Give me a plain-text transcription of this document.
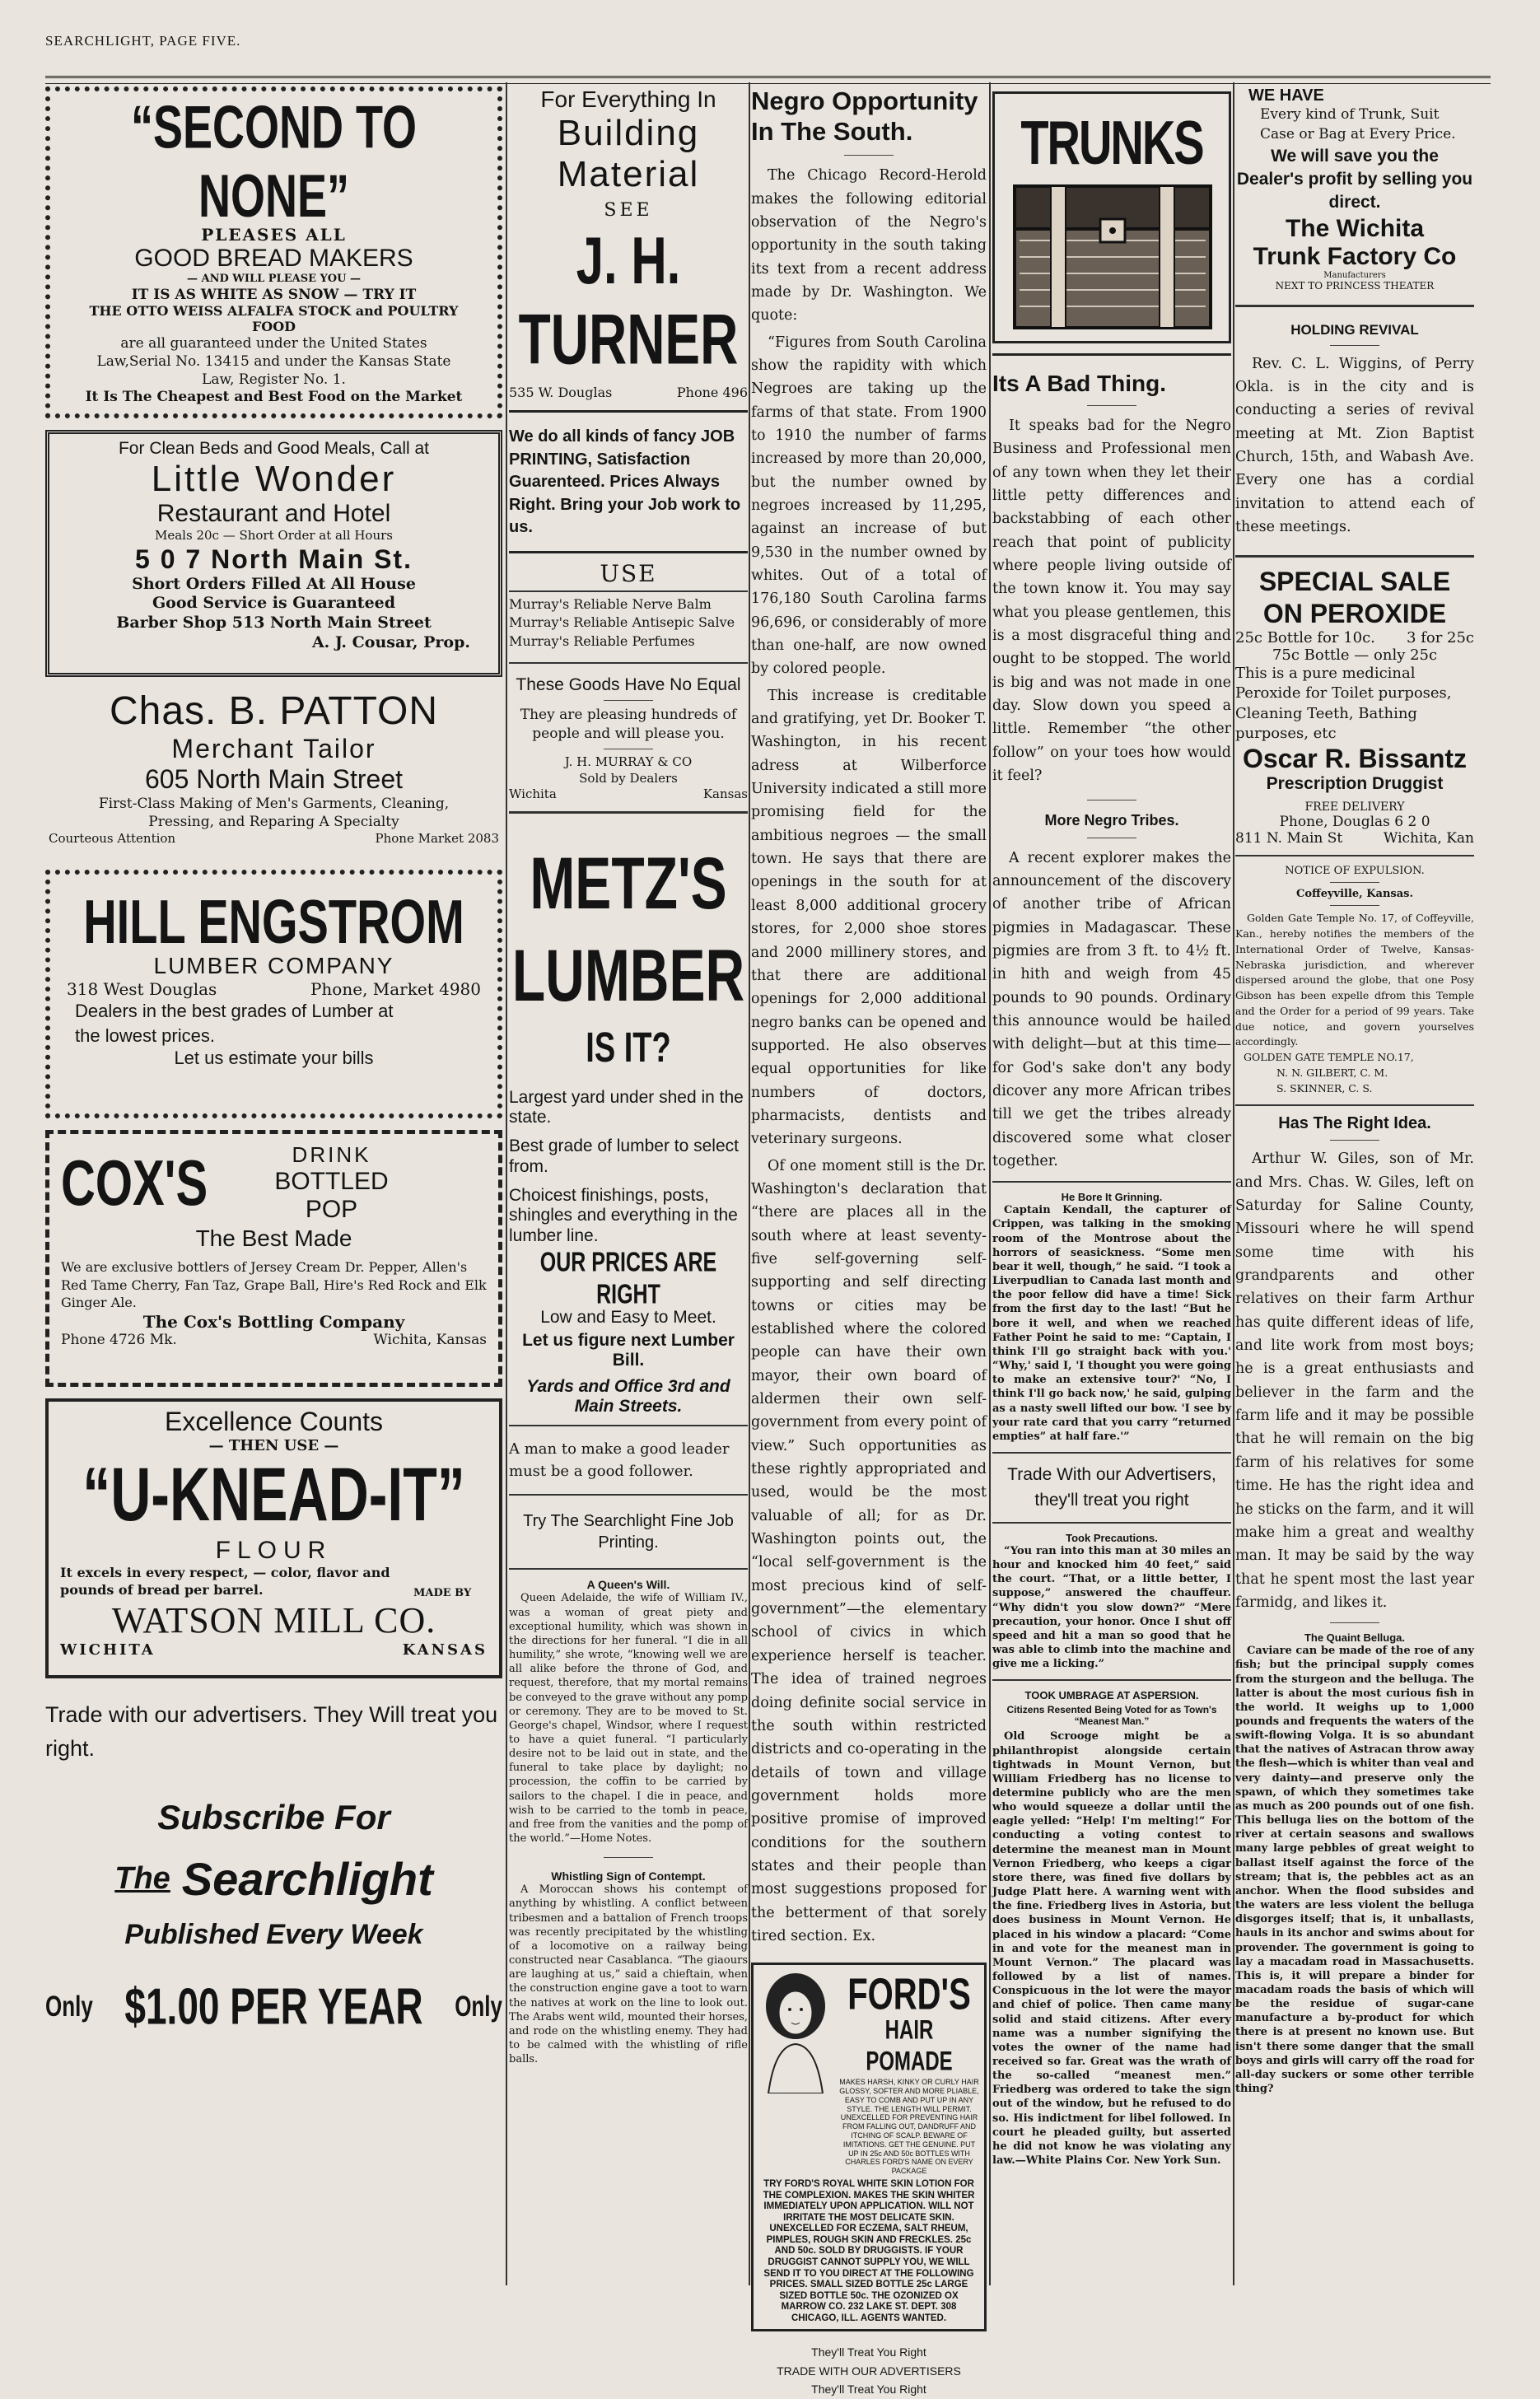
SEARCHLIGHT, PAGE FIVE.
“SECOND TO NONE”
PLEASES ALL
GOOD BREAD MAKERS
— AND WILL PLEASE YOU —
IT IS AS WHITE AS SNOW — TRY IT
THE OTTO WEISS ALFALFA STOCK and POULTRY FOOD
are all guaranteed under the United States Law,Serial No. 13415 and under the Kansas State Law, Register No. 1.
It Is The Cheapest and Best Food on the Market
For Clean Beds and Good Meals, Call at
Little Wonder
Restaurant and Hotel
Meals 20c — Short Order at all Hours
5 0 7 North Main St.
Short Orders Filled At All House
Good Service is Guaranteed
Barber Shop 513 North Main Street
A. J. Cousar, Prop.
Chas. B. PATTON
Merchant Tailor
605 North Main Street
First-Class Making of Men's Garments, Cleaning, Pressing, and Reparing A Specialty
Courteous Attention	Phone Market 2083
HILL ENGSTROM
LUMBER COMPANY
318 West Douglas	Phone, Market 4980
Dealers in the best grades of Lumber at the lowest prices.
Let us estimate your bills
COX'S	DRINK
BOTTLED
POP
The Best Made
We are exclusive bottlers of Jersey Cream Dr. Pepper, Allen's Red Tame Cherry, Fan Taz, Grape Ball, Hire's Red Rock and Elk Ginger Ale.
The Cox's Bottling Company
Phone 4726 Mk.	Wichita, Kansas
Excellence Counts
— THEN USE —
“U-KNEAD-IT”
FLOUR
It excels in every respect, — color, flavor and pounds of bread per barrel.	MADE BY
WATSON MILL CO.
WICHITA	KANSAS
Trade with our advertisers. They Will treat you right.
Subscribe For
The Searchlight
Published Every Week
Only $1.00 PER YEAR Only
For Everything In
Building
Material
SEE
J. H. TURNER
535 W. Douglas	Phone 496
We do all kinds of fancy JOB PRINTING, Satisfaction Guarenteed. Prices Always Right. Bring your Job work to us.
USE
Murray's Reliable Nerve Balm
Murray's Reliable Antisepic Salve
Murray's Reliable Perfumes
These Goods Have No Equal
They are pleasing hundreds of people and will please you.
J. H. MURRAY & CO
Sold by Dealers
Wichita	Kansas
METZ'S LUMBER IS IT?
Largest yard under shed in the state.
Best grade of lumber to select from.
Choicest finishings, posts, shingles and everything in the lumber line.
OUR PRICES ARE RIGHT
Low and Easy to Meet.
Let us figure next Lumber Bill.
Yards and Office 3rd and Main Streets.
A man to make a good leader must be a good follower.
Try The Searchlight Fine Job Printing.
A Queen's Will.
Queen Adelaide, the wife of William IV., was a woman of great piety and exceptional humility, which was shown in the directions for her funeral. “I die in all humility,” she wrote, “knowing well we are all alike before the throne of God, and request, therefore, that my mortal remains be conveyed to the grave without any pomp or ceremony. They are to be moved to St. George's chapel, Windsor, where I request to have a quiet funeral. “I particularly desire not to be laid out in state, and the funeral to take place by daylight; no procession, the coffin to be carried by sailors to the chapel. I die in peace, and wish to be carried to the tomb in peace, and free from the vanities and the pomp of the world.”—Home Notes.
Whistling Sign of Contempt.
A Moroccan shows his contempt of anything by whistling. A conflict between tribesmen and a battalion of French troops was recently precipitated by the whistling of a locomotive on a railway being constructed near Casablanca. “The giaours are laughing at us,” said a chieftain, when the construction engine gave a toot to warn the natives at work on the line to look out. The Arabs went wild, mounted their horses, and rode on the whistling enemy. They had to be calmed with the whistling of rifle balls.
Negro Opportunity In The South.

The Chicago Record-Herold makes the following editorial observation of the Negro's opportunity in the south taking its text from a recent address made by Dr. Washington. We quote:

“Figures from South Carolina show the rapidity with which Negroes are taking up the farms of that state. From 1900 to 1910 the number of farms increased by more than 20,000, but the number owned by negroes increased by 11,295, against an increase of but 9,530 in the number owned by whites. Out of a total of 176,180 South Carolina farms 96,696, or considerably of more than one-half, are now owned by colored people.

This increase is creditable and gratifying, yet Dr. Booker T. Washington, in his recent adress at Wilberforce University indicated a still more promising field for the ambitious negroes — the small town. He says that there are openings in the south for at least 8,000 additional grocery stores, for 2,000 shoe stores and 2000 millinery stores, and that there are additional openings for 2,000 additional negro banks can be opened and supported. He also observes equal opportunities for like numbers of doctors, pharmacists, dentists and veterinary surgeons.

Of one moment still is the Dr. Washington's declaration that “there are places all in the south where at least seventy-five self-governing self-supporting and self directing towns or cities may be established where the colored people can have their own mayor, their own board of aldermen their own self-government from every point of view.” Such opportunities as these rightly appropriated and used, would be the most valuable of all; for as Dr. Washington points out, the “local self-government is the most precious kind of self-government”—the elementary school of civics in which experience herself is teacher. The idea of trained negroes doing definite social service in the south within restricted districts and co-operating in the details of town and village government holds more positive promise of improved conditions for the southern states and their people than most suggestions proposed for the betterment of that sorely tired section. Ex.

FORD'S HAIR POMADE
MAKES HARSH, KINKY OR CURLY HAIR GLOSSY, SOFTER AND MORE PLIABLE, EASY TO COMB AND PUT UP IN ANY STYLE. THE LENGTH WILL PERMIT. UNEXCELLED FOR PREVENTING HAIR FROM FALLING OUT, DANDRUFF AND ITCHING OF SCALP. BEWARE OF IMITATIONS. GET THE GENUINE. PUT UP IN 25c AND 50c BOTTLES WITH CHARLES FORD'S NAME ON EVERY PACKAGE
TRY FORD'S ROYAL WHITE SKIN LOTION FOR THE COMPLEXION. MAKES THE SKIN WHITER IMMEDIATELY UPON APPLICATION. WILL NOT IRRITATE THE MOST DELICATE SKIN. UNEXCELLED FOR ECZEMA, SALT RHEUM, PIMPLES, ROUGH SKIN AND FRECKLES. 25c AND 50c. SOLD BY DRUGGISTS. IF YOUR DRUGGIST CANNOT SUPPLY YOU, WE WILL SEND IT TO YOU DIRECT AT THE FOLLOWING PRICES. SMALL SIZED BOTTLE 25c LARGE SIZED BOTTLE 50c. THE OZONIZED OX MARROW CO. 232 LAKE ST. DEPT. 308 CHICAGO, ILL. AGENTS WANTED.
They'll Treat You Right
TRADE WITH OUR ADVERTISERS
They'll Treat You Right
TRUNKS
Its A Bad Thing.
It speaks bad for the Negro Business and Professional men of any town when they let their little petty differences and backstabbing of each other reach that point of publicity where people living outside of the town know it. You may say what you please gentlemen, this is a most disgraceful thing and ought to be stopped. The world is big and was not made in one day. Slow down you speed a little. Remember “the other follow” on your toes how would it feel?
More Negro Tribes.
A recent explorer makes the announcement of the discovery of another tribe of African pigmies in Madagascar. These pigmies are from 3 ft. to 4½ ft. in hith and weigh from 45 pounds to 90 pounds. Ordinary this announce would be hailed with delight—but at this time—for God's sake don't any body dicover any more African tribes till we get the tribes already discovered some what closer together.
He Bore It Grinning.
Captain Kendall, the capturer of Crippen, was talking in the smoking room of the Montrose about the horrors of seasickness. “Some men bear it well, though,” he said. “I took a Liverpudlian to Canada last month and the poor fellow did have a time! Sick from the first day to the last! “But he bore it well, and when we reached Father Point he said to me: “Captain, I think I'll go straight back with you.' “Why,' said I, 'I thought you were going to make an extensive tour?' “No, I think I'll go back now,' he said, gulping as a nasty swell lifted our bow. 'I see by your rate card that you carry “returned empties” at half fare.'”
Trade With our Advertisers, they'll treat you right
Took Precautions.
“You ran into this man at 30 miles an hour and knocked him 40 feet,” said the court. “That, or a little better, I suppose,” answered the chauffeur. “Why didn't you slow down?” “Mere precaution, your honor. Once I shut off speed and hit a man so good that he was able to climb into the machine and give me a licking.”
TOOK UMBRAGE AT ASPERSION.
Citizens Resented Being Voted for as Town's “Meanest Man.”
Old Scrooge might be a philanthropist alongside certain tightwads in Mount Vernon, but William Friedberg has no license to determine publicly who are the men who would squeeze a dollar until the eagle yelled: “Help! I'm melting!” For conducting a voting contest to determine the meanest man in Mount Vernon Friedberg, who keeps a cigar store there, was fined five dollars by Judge Platt here. A warning went with the fine. Friedberg lives in Astoria, but does business in Mount Vernon. He placed in his window a placard: “Come in and vote for the meanest man in Mount Vernon.” The placard was followed by a list of names. Conspicuous in the lot were the mayor and chief of police. Then came many solid and staid citizens. After every name was a number signifying the votes the owner of the name had received so far. Great was the wrath of the so-called “meanest men.” Friedberg was ordered to take the sign out of the window, but he refused to do so. His indictment for libel followed. In court he pleaded guilty, but asserted he did not know he was violating any law.—White Plains Cor. New York Sun.
WE HAVE
Every kind of Trunk, Suit Case or Bag at Every Price.
We will save you the Dealer's profit by selling you direct.
The Wichita
Trunk Factory Co
Manufacturers
NEXT TO PRINCESS THEATER
HOLDING REVIVAL
Rev. C. L. Wiggins, of Perry Okla. is in the city and is conducting a series of revival meeting at Mt. Zion Baptist Church, 15th, and Wabash Ave. Every one has a cordial invitation to attend each of these meetings.
SPECIAL SALE
ON PEROXIDE
25c Bottle for 10c. 3 for 25c
75c Bottle — only 25c
This is a pure medicinal Peroxide for Toilet purposes, Cleaning Teeth, Bathing purposes, etc
Oscar R. Bissantz
Prescription Druggist
FREE DELIVERY
Phone, Douglas 6 2 0
811 N. Main St	Wichita, Kan
NOTICE OF EXPULSION.
Coffeyville, Kansas.
Golden Gate Temple No. 17, of Coffeyville, Kan., hereby notifies the members of the International Order of Twelve, Kansas-Nebraska jurisdiction, and wherever dispersed around the globe, that one Posy Gibson has been expelle dfrom this Temple and the Order for a period of 99 years. Take due notice, and govern yourselves accordingly.
GOLDEN GATE TEMPLE NO.17,
N. N. GILBERT, C. M.
S. SKINNER, C. S.
Has The Right Idea.
Arthur W. Giles, son of Mr. and Mrs. Chas. W. Giles, left on Saturday for Saline County, Missouri where he will spend some time with his grandparents and other relatives on their farm Arthur has quite different ideas of life, and lite work from most boys; he is a great enthusiasts and believer in the farm and the farm life and it may be possible that he will remain on the big farm of his relatives for some time. He has the right idea and he sticks on the farm, and it will make him a great and wealthy man. It may be said by the way that he spent most the last year farmidg, and likes it.
The Quaint Belluga.
Caviare can be made of the roe of any fish; but the principal supply comes from the sturgeon and the belluga. The latter is about the most curious fish in the world. It weighs up to 1,000 pounds and frequents the waters of the swift-flowing Volga. It is so abundant that the natives of Astracan throw away the flesh—which is whiter than veal and very dainty—and preserve only the spawn, of which they sometimes take as much as 200 pounds out of one fish. This belluga lies on the bottom of the river at certain seasons and swallows many large pebbles of great weight to ballast itself against the force of the stream; that is, the pebbles act as an anchor. When the flood subsides and the waters are less violent the belluga disgorges itself; that is, it unballasts, hauls in its anchor and swims about for provender. The government is going to lay a macadam road in Massachusetts. This is, it will prepare a binder for macadam roads the basis of which will be the residue of sugar-cane manufacture a by-product for which there is at present no known use. But isn't there some danger that the small boys and girls will carry off the road for all-day suckers or some other terrible thing?
